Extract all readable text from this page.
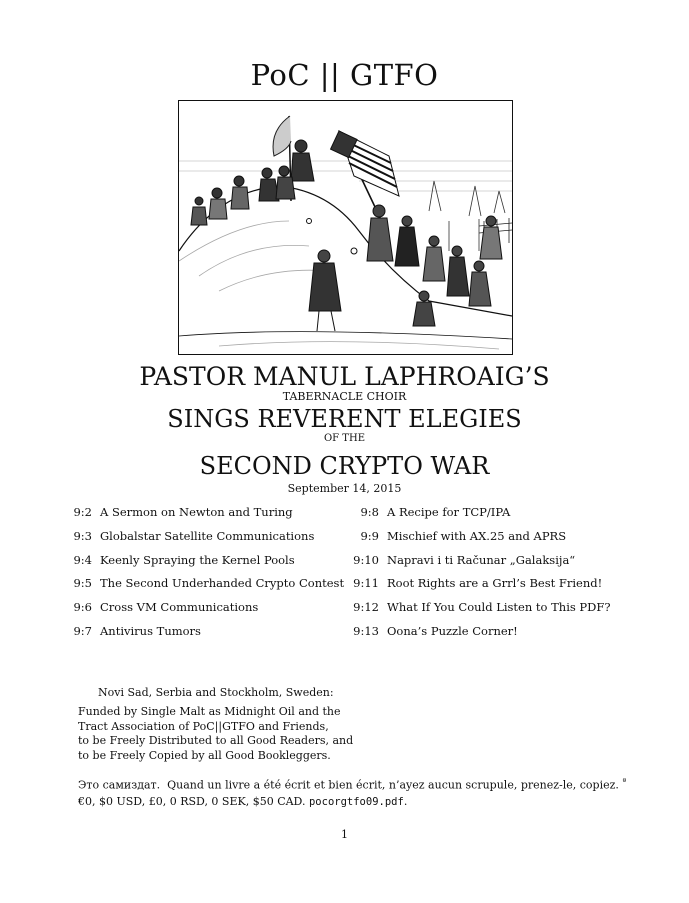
PoC || GTFO
PASTOR MANUL LAPHROAIG’S
TABERNACLE CHOIR
SINGS REVERENT ELEGIES
OF THE
SECOND CRYPTO WAR
September 14, 2015
9:2 A Sermon on Newton and Turing
9:3 Globalstar Satellite Communications
9:4 Keenly Spraying the Kernel Pools
9:5 The Second Underhanded Crypto Contest
9:6 Cross VM Communications
9:7 Antivirus Tumors
9:8 A Recipe for TCP/IPA
9:9 Mischief with AX.25 and APRS
9:10 Napravi i ti Računar „Galaksija“
9:11 Root Rights are a Grrl’s Best Friend!
9:12 What If You Could Listen to This PDF?
9:13 Oona’s Puzzle Corner!
Novi Sad, Serbia and Stockholm, Sweden:
Funded by Single Malt as Midnight Oil and the
Tract Association of PoC||GTFO and Friends,
to be Freely Distributed to all Good Readers, and
to be Freely Copied by all Good Bookleggers.
Это самиздат. Quand un livre a été écrit et bien écrit, n’ayez aucun scrupule, prenez-le, copiez. $^ª$
€0, $0 USD, £0, 0 RSD, 0 SEK, $50 CAD. pocorgtfo09.pdf.
1
